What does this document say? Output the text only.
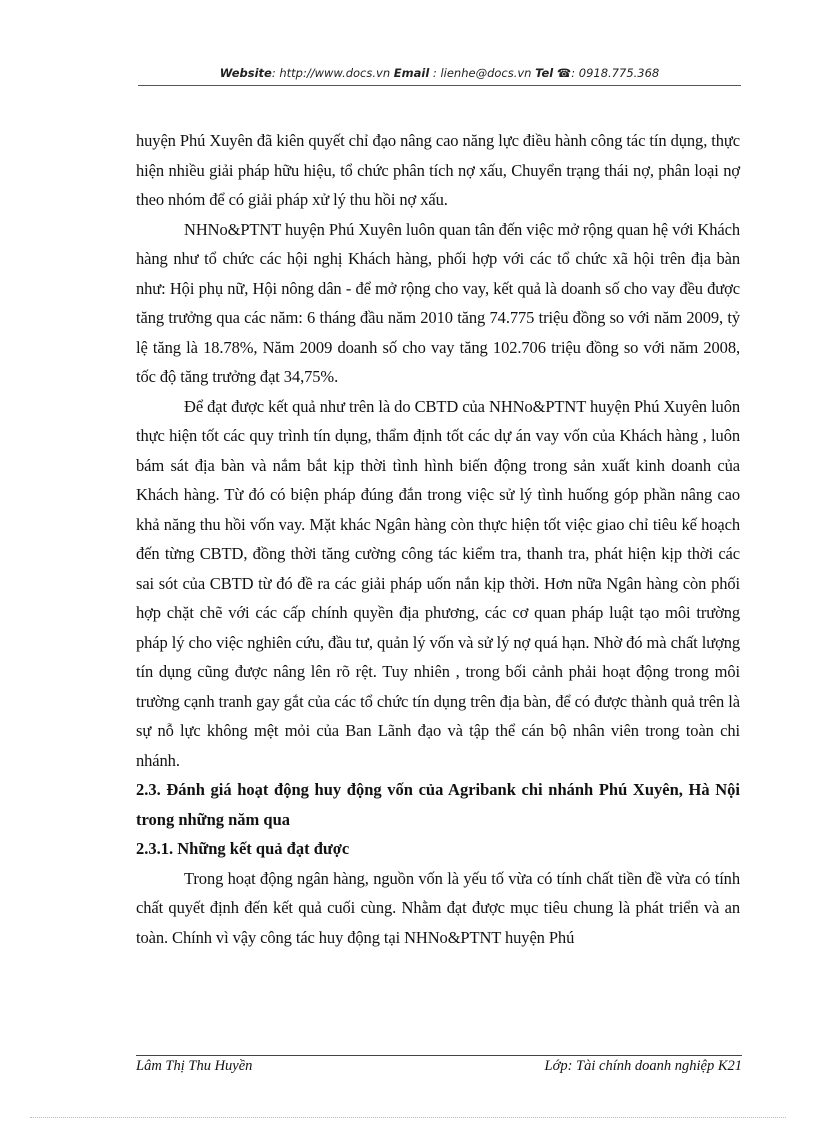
Website: http://www.docs.vn Email : lienhe@docs.vn Tel ☎: 0918.775.368

huyện Phú Xuyên đã kiên quyết chỉ đạo nâng cao năng lực điều hành công tác tín dụng, thực hiện nhiều giải pháp hữu hiệu, tổ chức phân tích nợ xấu, Chuyển trạng thái nợ, phân loại nợ theo nhóm để có giải pháp xử lý thu hồi nợ xấu.

NHNo&PTNT huyện Phú Xuyên luôn quan tân đến việc mở rộng quan hệ với Khách hàng như tổ chức các hội nghị Khách hàng, phối hợp với các tổ chức xã hội trên địa bàn như: Hội phụ nữ, Hội nông dân - để mở rộng cho vay, kết quả là doanh số cho vay đều được tăng trưởng qua các năm: 6 tháng đầu năm 2010 tăng 74.775 triệu đồng so với năm 2009, tỷ lệ tăng là 18.78%, Năm 2009 doanh số cho vay tăng 102.706 triệu đồng so với năm 2008, tốc độ tăng trưởng đạt 34,75%.

Để đạt được kết quả như trên là do CBTD của NHNo&PTNT huyện Phú Xuyên luôn thực hiện tốt các quy trình tín dụng, thẩm định tốt các dự án vay vốn của Khách hàng , luôn bám sát địa bàn và nắm bắt kịp thời tình hình biến động trong sản xuất kinh doanh của Khách hàng. Từ đó có biện pháp đúng đắn trong việc sử lý tình huống góp phần nâng cao khả năng thu hồi vốn vay. Mặt khác Ngân hàng còn thực hiện tốt việc giao chỉ tiêu kế hoạch đến từng CBTD, đồng thời tăng cường công tác kiểm tra, thanh tra, phát hiện kịp thời các sai sót của CBTD từ đó đề ra các giải pháp uốn nắn kịp thời. Hơn nữa Ngân hàng còn phối hợp chặt chẽ với các cấp chính quyền địa phương, các cơ quan pháp luật tạo môi trường pháp lý cho việc nghiên cứu, đầu tư, quản lý vốn và sử lý nợ quá hạn. Nhờ đó mà chất lượng tín dụng cũng được nâng lên rõ rệt. Tuy nhiên , trong bối cảnh phải hoạt động trong môi trường cạnh tranh gay gắt của các tổ chức tín dụng trên địa bàn, để có được thành quả trên là sự nỗ lực không mệt mỏi của Ban Lãnh đạo và tập thể cán bộ nhân viên trong toàn chi nhánh.

2.3. Đánh giá hoạt động huy động vốn của Agribank chi nhánh Phú Xuyên, Hà Nội trong những năm qua

2.3.1. Những kết quả đạt được

Trong hoạt động ngân hàng, nguồn vốn là yếu tố vừa có tính chất tiền đề vừa có tính chất quyết định đến kết quả cuối cùng. Nhằm đạt được mục tiêu chung là phát triển và an toàn. Chính vì vậy công tác huy động tại NHNo&PTNT huyện Phú

Lâm Thị Thu Huyền	Lớp: Tài chính doanh nghiệp K21
